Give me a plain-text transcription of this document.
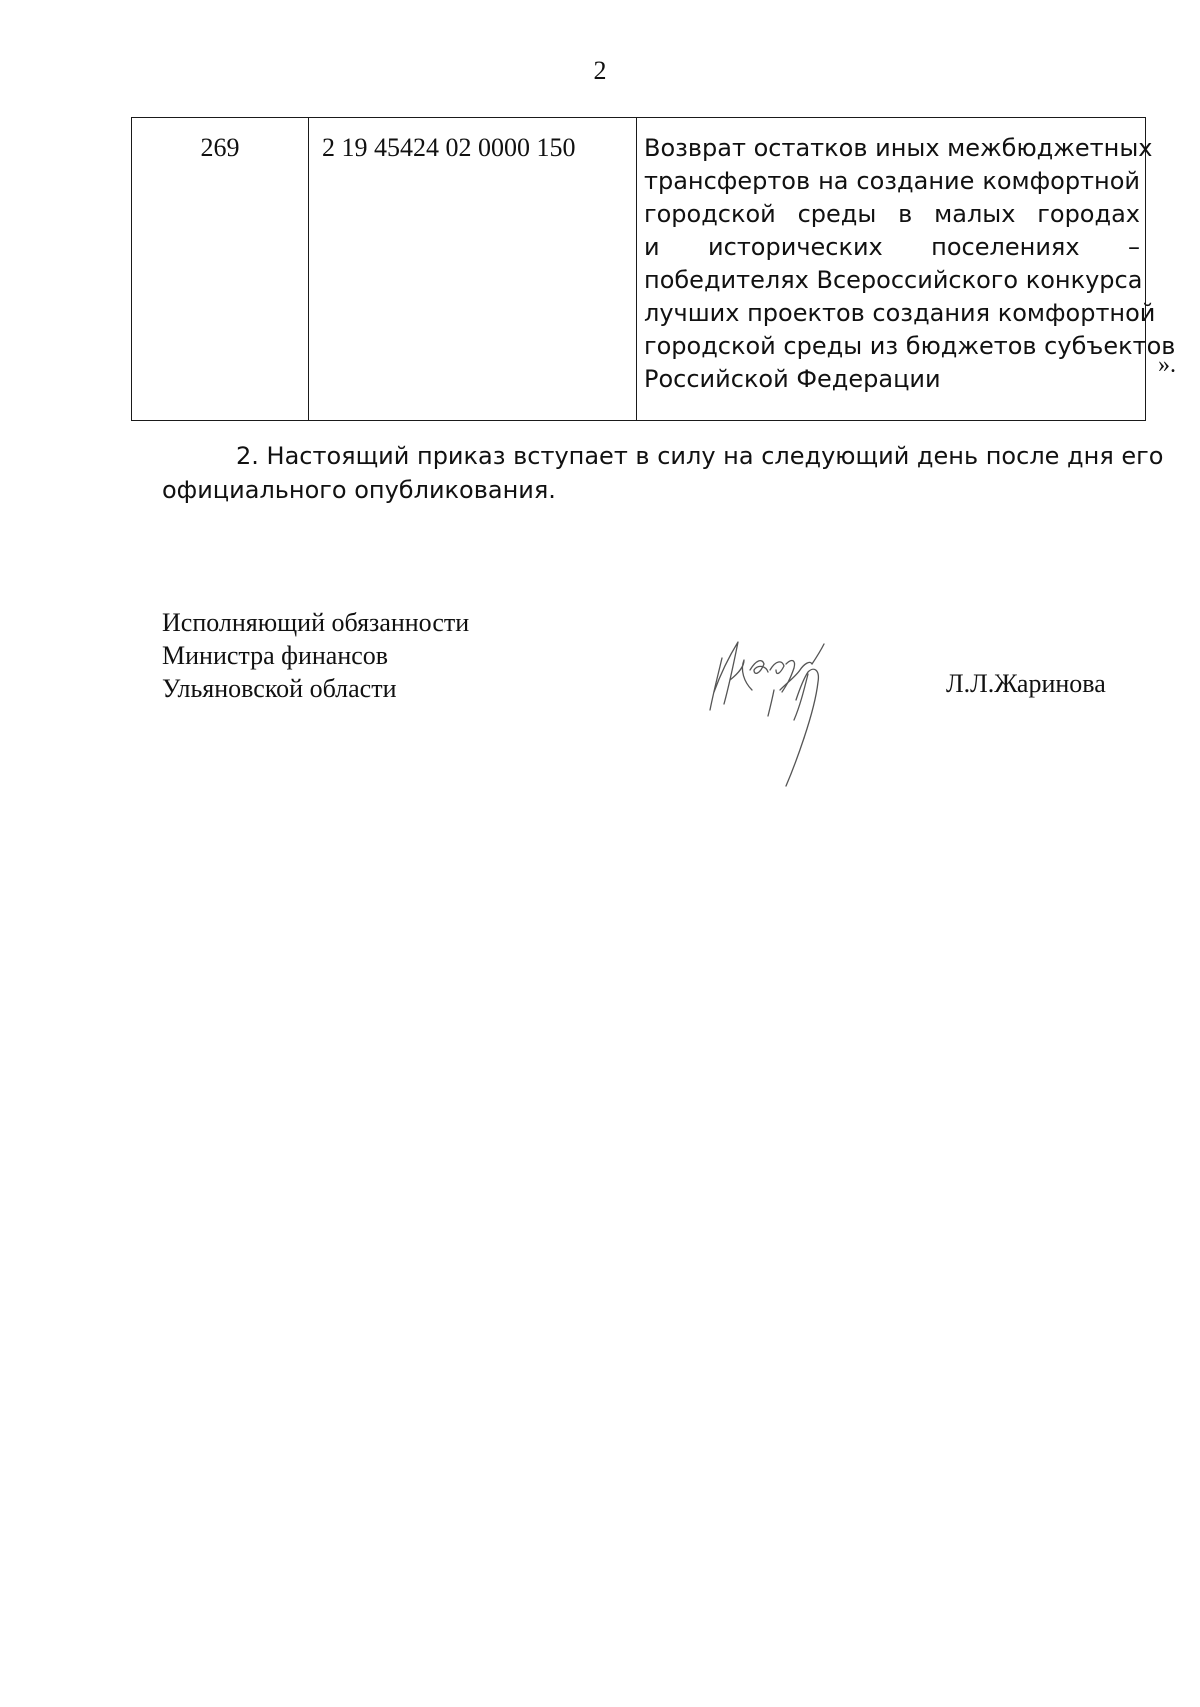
2
269	2 19 45424 02 0000 150	Возврат остатков иных межбюджетных
трансфертов на создание комфортной
городской среды в малых городах
и исторических поселениях –
победителях Всероссийского конкурса
лучших проектов создания комфортной
городской среды из бюджетов субъектов
Российской Федерации	».
2. Настоящий приказ вступает в силу на следующий день после дня его
официального опубликования.
Исполняющий обязанности
Министра финансов
Ульяновской области	Л.Л.Жаринова
